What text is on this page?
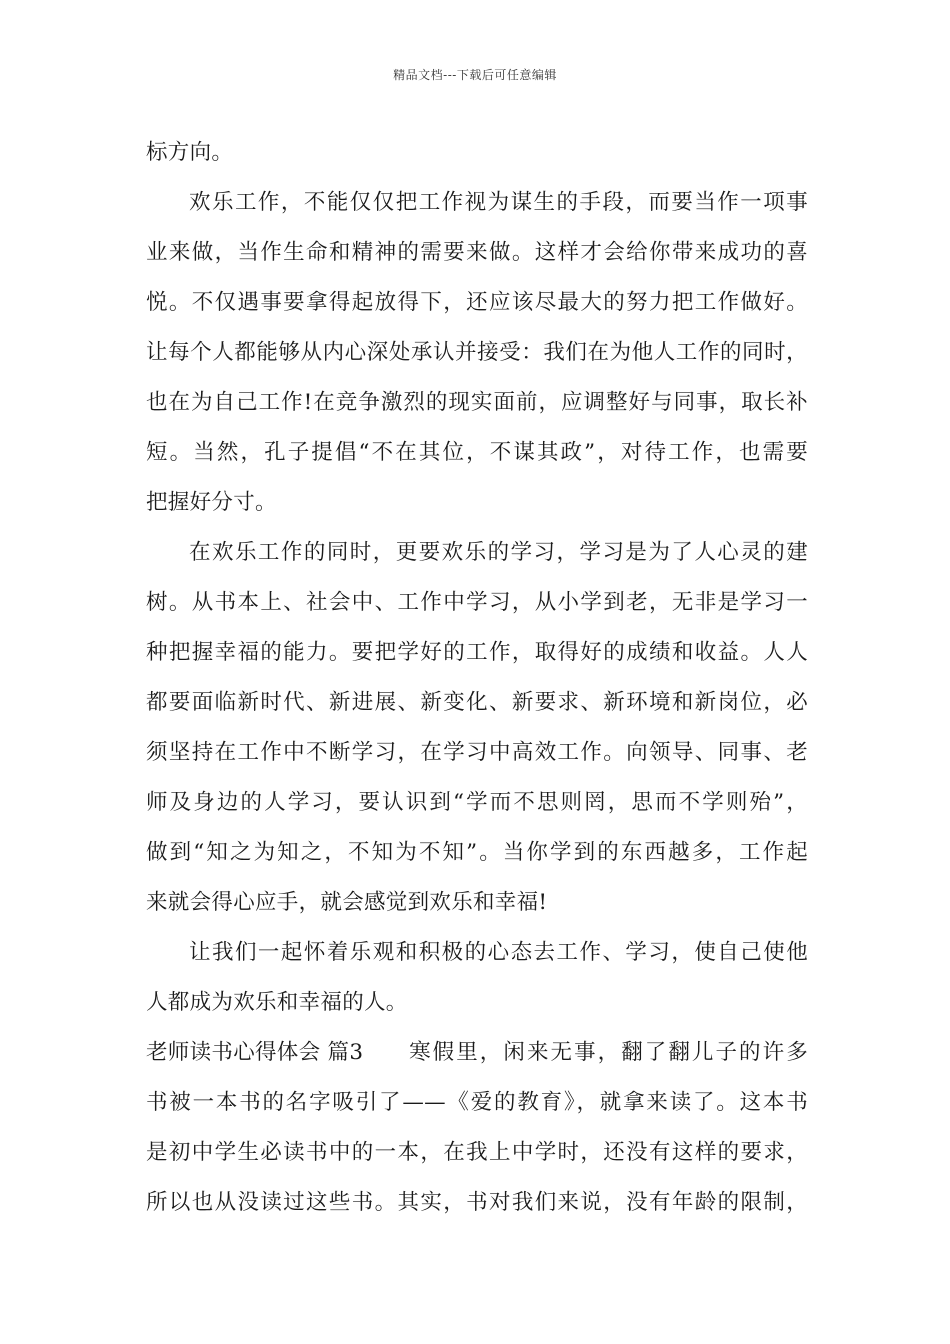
精品文档---下载后可任意编辑
标方向。
欢乐工作，不能仅仅把工作视为谋生的手段，而要当作一项事
业来做，当作生命和精神的需要来做。这样才会给你带来成功的喜
悦。不仅遇事要拿得起放得下，还应该尽最大的努力把工作做好。
让每个人都能够从内心深处承认并接受：我们在为他人工作的同时，
也在为自己工作!在竞争激烈的现实面前，应调整好与同事，取长补
短。当然，孔子提倡“不在其位，不谋其政”，对待工作，也需要
把握好分寸。
在欢乐工作的同时，更要欢乐的学习，学习是为了人心灵的建
树。从书本上、社会中、工作中学习，从小学到老，无非是学习一
种把握幸福的能力。要把学好的工作，取得好的成绩和收益。人人
都要面临新时代、新进展、新变化、新要求、新环境和新岗位，必
须坚持在工作中不断学习，在学习中高效工作。向领导、同事、老
师及身边的人学习，要认识到“学而不思则罔，思而不学则殆”，
做到“知之为知之，不知为不知”。当你学到的东西越多，工作起
来就会得心应手，就会感觉到欢乐和幸福!
让我们一起怀着乐观和积极的心态去工作、学习，使自己使他
人都成为欢乐和幸福的人。
老师读书心得体会 篇3 寒假里，闲来无事，翻了翻儿子的许多
书被一本书的名字吸引了——《爱的教育》，就拿来读了。这本书
是初中学生必读书中的一本，在我上中学时，还没有这样的要求，
所以也从没读过这些书。其实，书对我们来说，没有年龄的限制，
